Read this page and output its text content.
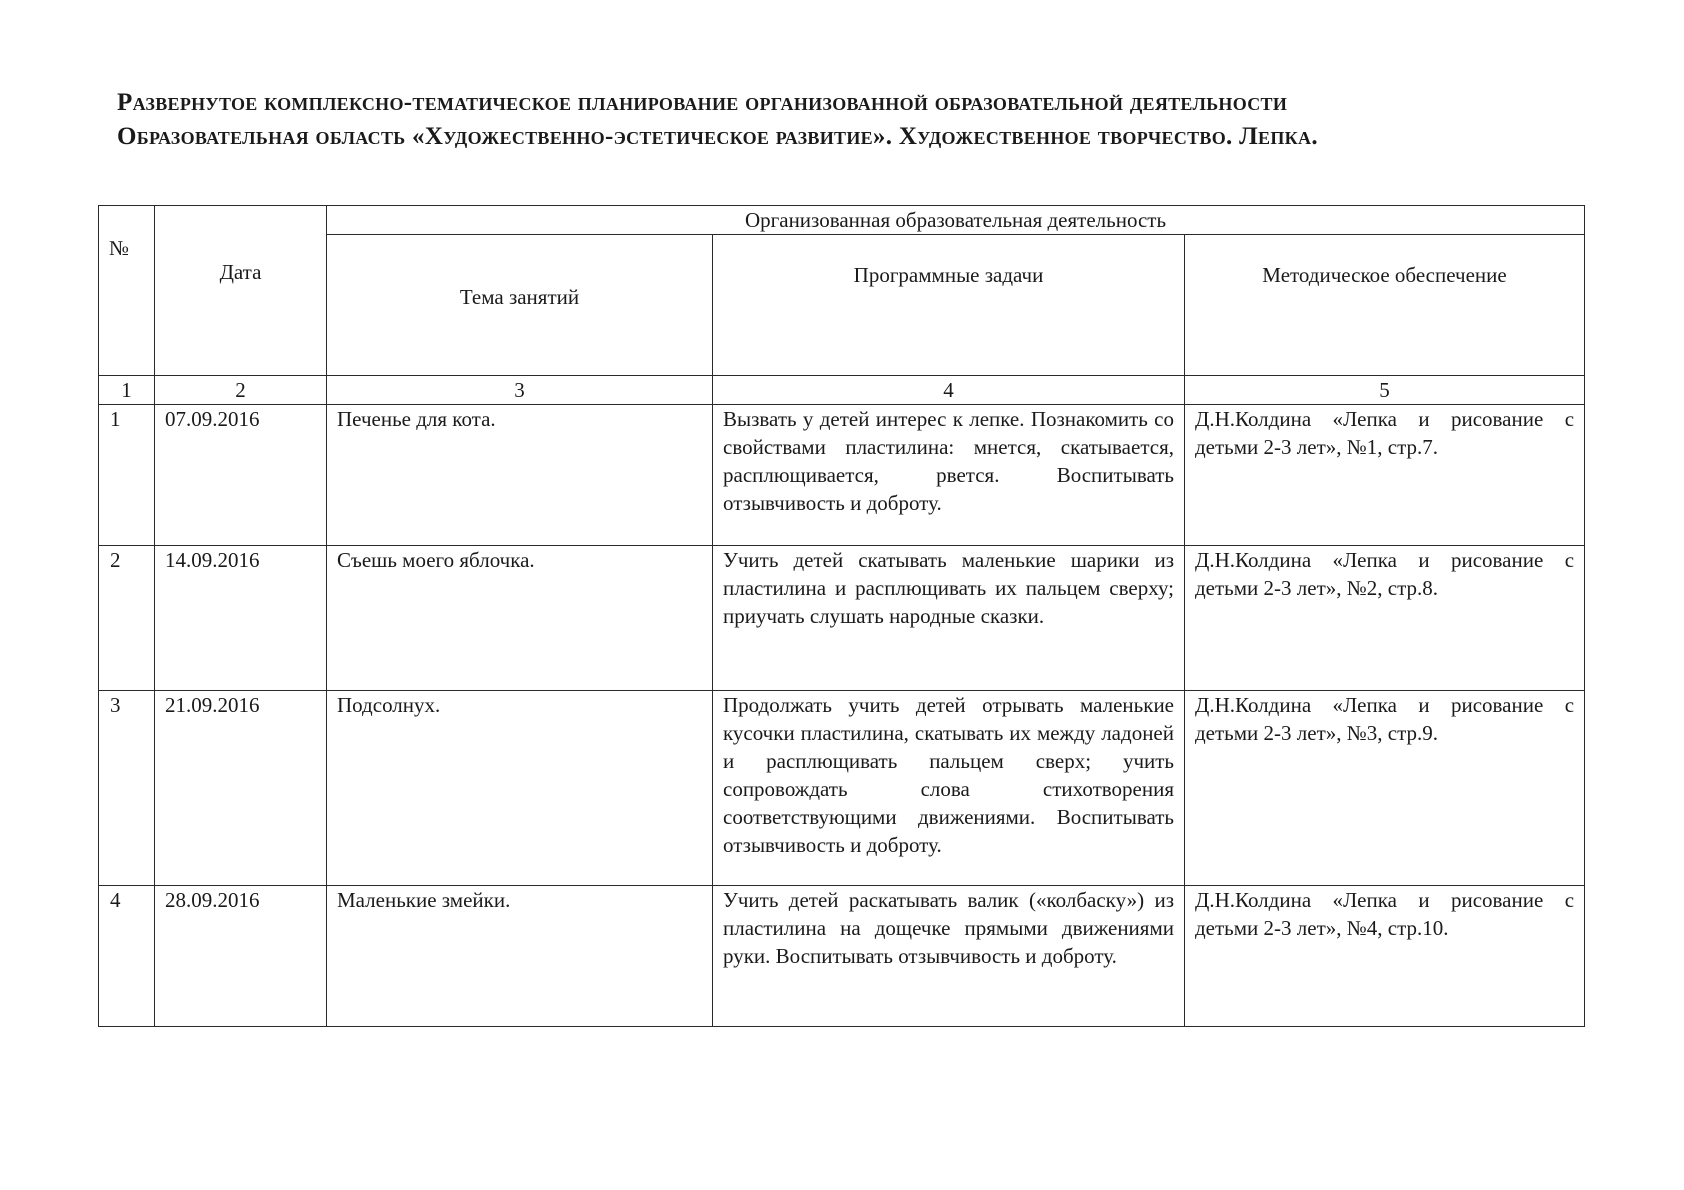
Развернутое комплексно-тематическое планирование организованной образовательной деятельности
Образовательная область «Художественно-эстетическое развитие». Художественное творчество. Лепка.
№	Дата	Организованная образовательная деятельность		

		Тема занятий	Программные задачи	Методическое обеспечение

1	2	3	4	5

1	07.09.2016	Печенье для кота.	Вызвать у детей интерес к лепке. Познакомить со свойствами пластилина: мнется, скатывается, расплющивается, рвется. Воспитывать отзывчивость и доброту.	Д.Н.Колдина «Лепка и рисование с детьми 2-3 лет», №1, стр.7.

2	14.09.2016	Съешь моего яблочка.	Учить детей скатывать маленькие шарики из пластилина и расплющивать их пальцем сверху; приучать слушать народные сказки.	Д.Н.Колдина «Лепка и рисование с детьми 2-3 лет», №2, стр.8.

3	21.09.2016	Подсолнух.	Продолжать учить детей отрывать маленькие кусочки пластилина, скатывать их между ладоней и расплющивать пальцем сверх; учить сопровождать слова стихотворения соответствующими движениями. Воспитывать отзывчивость и доброту.	Д.Н.Колдина «Лепка и рисование с детьми 2-3 лет», №3, стр.9.

4	28.09.2016	Маленькие змейки.	Учить детей раскатывать валик («колбаску») из пластилина на дощечке прямыми движениями руки. Воспитывать отзывчивость и доброту.	Д.Н.Колдина «Лепка и рисование с детьми 2-3 лет», №4, стр.10.
